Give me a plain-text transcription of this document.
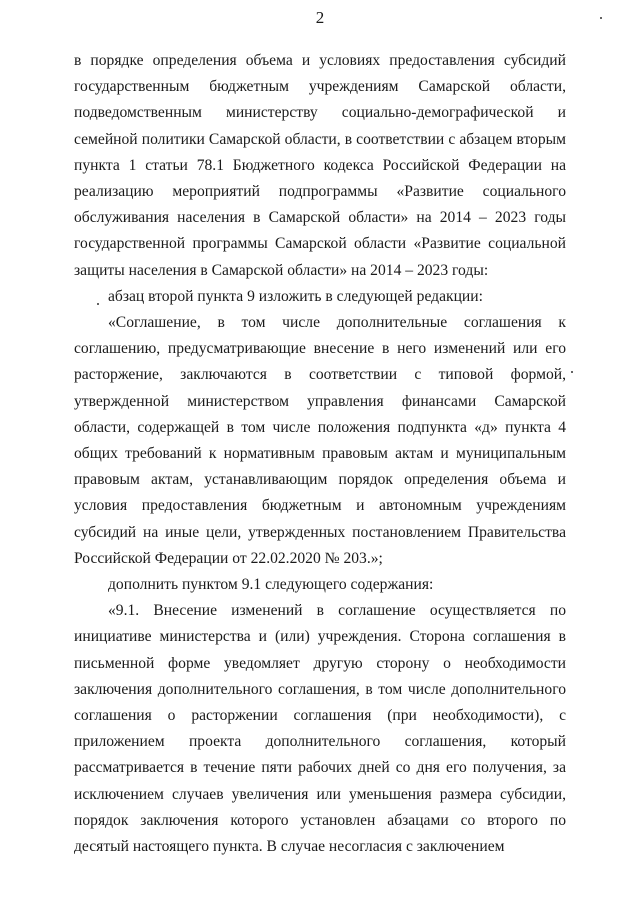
2

в порядке определения объема и условиях предоставления субсидий государственным бюджетным учреждениям Самарской области, подведомственным министерству социально-демографической и семейной политики Самарской области, в соответствии с абзацем вторым пункта 1 статьи 78.1 Бюджетного кодекса Российской Федерации на реализацию мероприятий подпрограммы «Развитие социального обслуживания населения в Самарской области» на 2014 – 2023 годы государственной программы Самарской области «Развитие социальной защиты населения в Самарской области» на 2014 – 2023 годы:

абзац второй пункта 9 изложить в следующей редакции:

«Соглашение, в том числе дополнительные соглашения к соглашению, предусматривающие внесение в него изменений или его расторжение, заключаются в соответствии с типовой формой, утвержденной министерством управления финансами Самарской области, содержащей в том числе положения подпункта «д» пункта 4 общих требований к нормативным правовым актам и муниципальным правовым актам, устанавливающим порядок определения объема и условия предоставления бюджетным и автономным учреждениям субсидий на иные цели, утвержденных постановлением Правительства Российской Федерации от 22.02.2020 № 203.»;

дополнить пунктом 9.1 следующего содержания:

«9.1. Внесение изменений в соглашение осуществляется по инициативе министерства и (или) учреждения. Сторона соглашения в письменной форме уведомляет другую сторону о необходимости заключения дополнительного соглашения, в том числе дополнительного соглашения о расторжении соглашения (при необходимости), с приложением проекта дополнительного соглашения, который рассматривается в течение пяти рабочих дней со дня его получения, за исключением случаев увеличения или уменьшения размера субсидии, порядок заключения которого установлен абзацами со второго по десятый настоящего пункта. В случае несогласия с заключением
